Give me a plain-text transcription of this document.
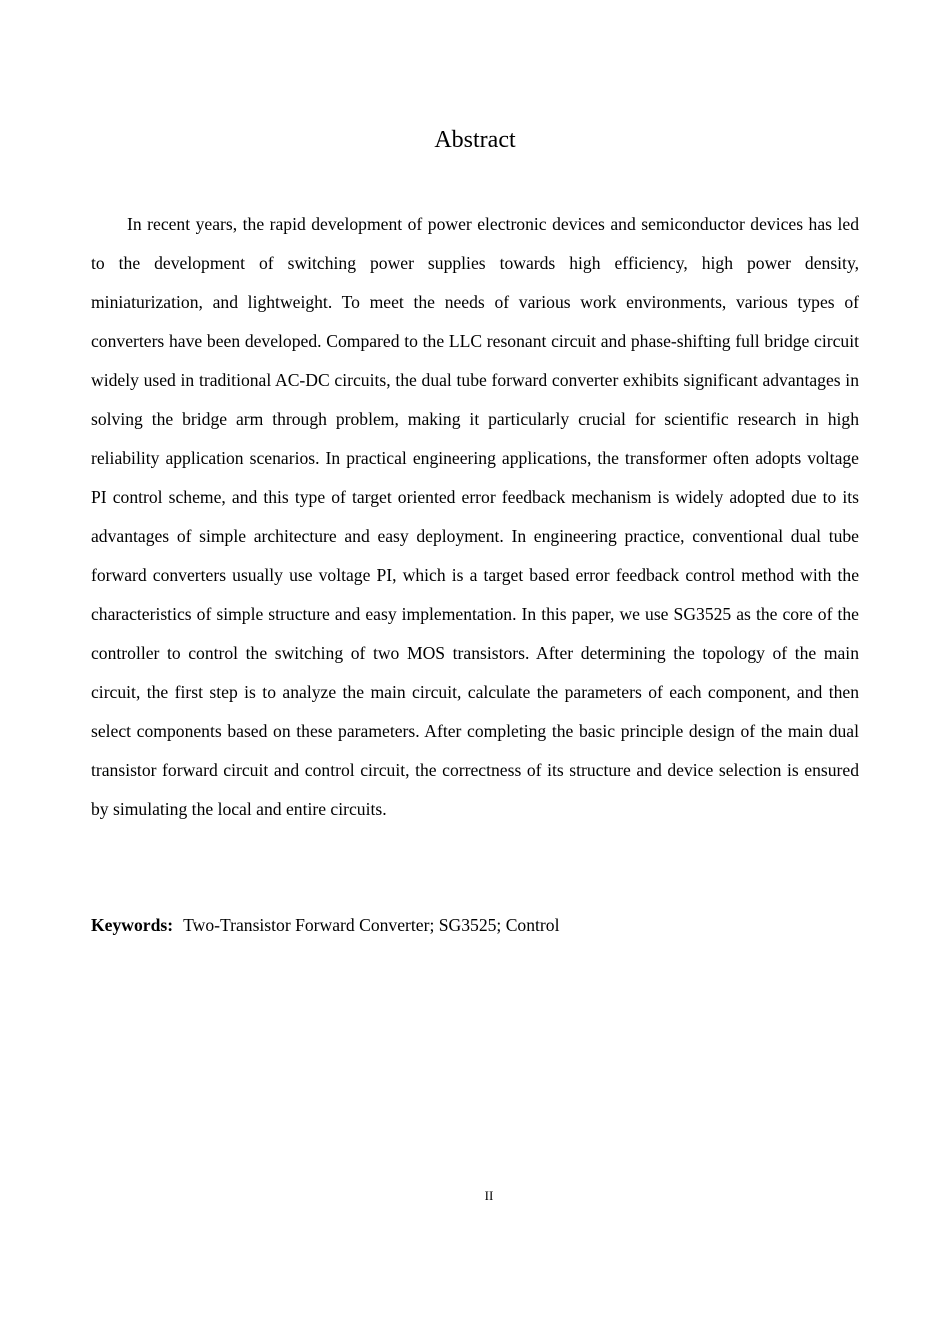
Abstract

In recent years, the rapid development of power electronic devices and semiconductor devices has led to the development of switching power supplies towards high efficiency, high power density, miniaturization, and lightweight. To meet the needs of various work environments, various types of converters have been developed. Compared to the LLC resonant circuit and phase-shifting full bridge circuit widely used in traditional AC-DC circuits, the dual tube forward converter exhibits significant advantages in solving the bridge arm through problem, making it particularly crucial for scientific research in high reliability application scenarios. In practical engineering applications, the transformer often adopts voltage PI control scheme, and this type of target oriented error feedback mechanism is widely adopted due to its advantages of simple architecture and easy deployment. In engineering practice, conventional dual tube forward converters usually use voltage PI, which is a target based error feedback control method with the characteristics of simple structure and easy implementation. In this paper, we use SG3525 as the core of the controller to control the switching of two MOS transistors. After determining the topology of the main circuit, the first step is to analyze the main circuit, calculate the parameters of each component, and then select components based on these parameters. After completing the basic principle design of the main dual transistor forward circuit and control circuit, the correctness of its structure and device selection is ensured by simulating the local and entire circuits.

Keywords: Two-Transistor Forward Converter; SG3525; Control

II
